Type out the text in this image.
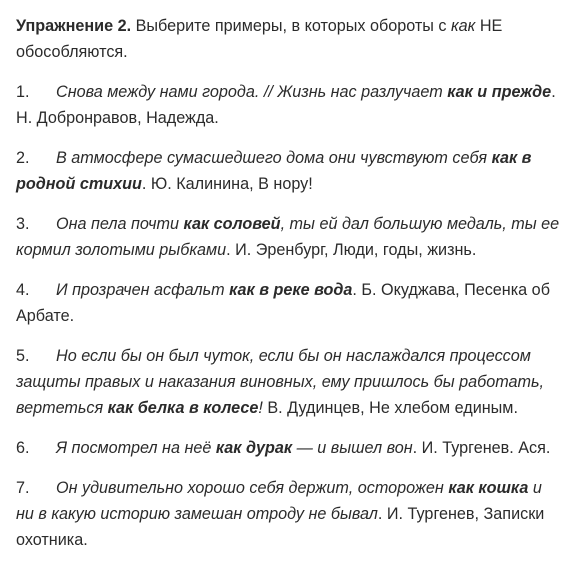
Упражнение 2. Выберите примеры, в которых обороты с как НЕ обособляются.

1. Снова между нами города. // Жизнь нас разлучает как и прежде. Н. Добронравов, Надежда.

2. В атмосфере сумасшедшего дома они чувствуют себя как в родной стихии. Ю. Калинина, В нору!

3. Она пела почти как соловей, ты ей дал большую медаль, ты ее кормил золотыми рыбками. И. Эренбург, Люди, годы, жизнь.

4. И прозрачен асфальт как в реке вода. Б. Окуджава, Песенка об Арбате.

5. Но если бы он был чуток, если бы он наслаждался процессом защиты правых и наказания виновных, ему пришлось бы работать, вертеться как белка в колесе! В. Дудинцев, Не хлебом единым.

6. Я посмотрел на неё как дурак — и вышел вон. И. Тургенев. Ася.

7. Он удивительно хорошо себя держит, осторожен как кошка и ни в какую историю замешан отроду не бывал. И. Тургенев, Записки охотника.
